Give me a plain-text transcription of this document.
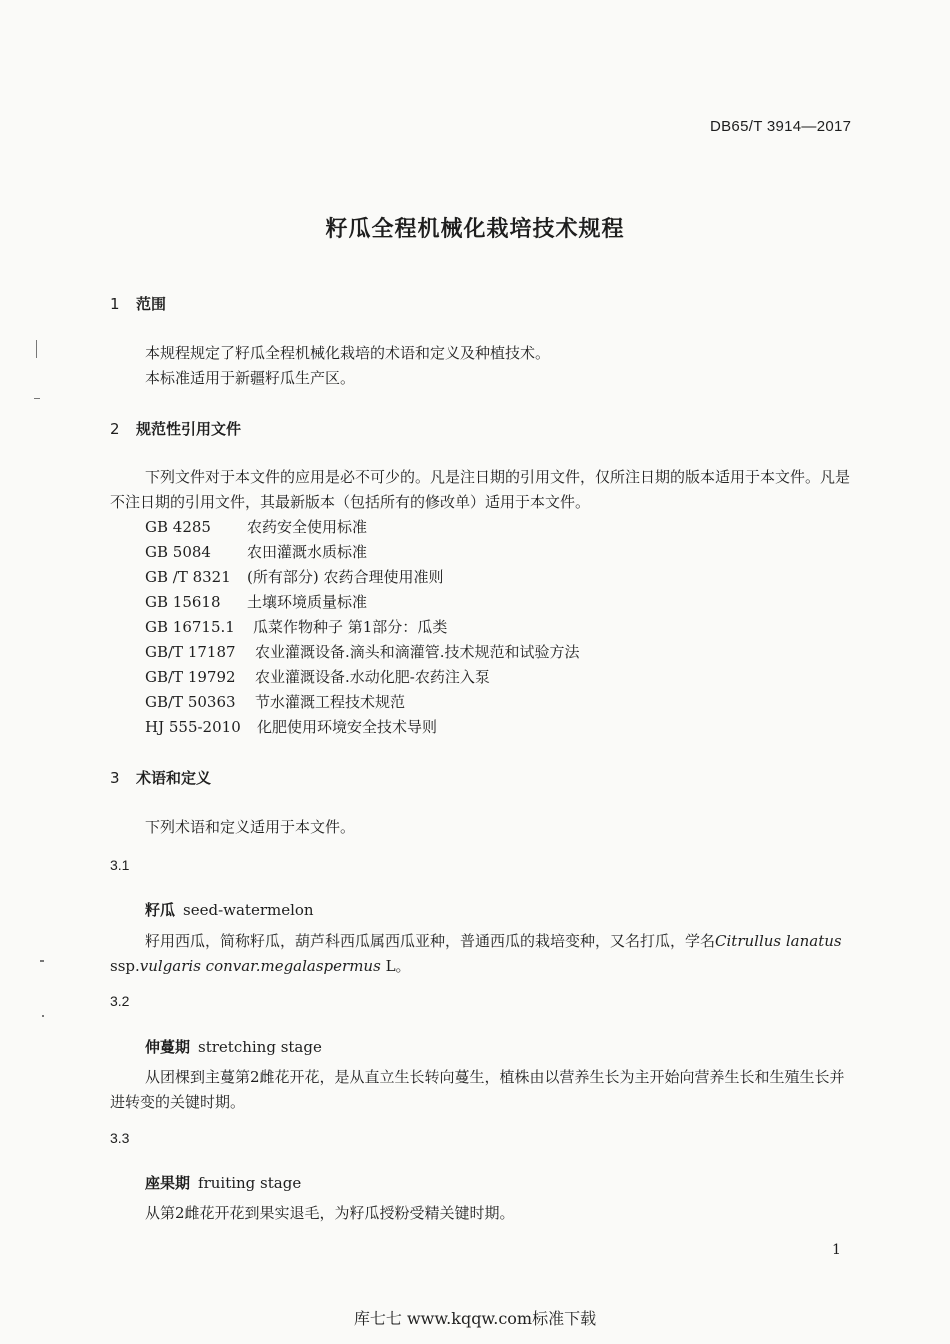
DB65/T 3914—2017
籽瓜全程机械化栽培技术规程
1 范围
本规程规定了籽瓜全程机械化栽培的术语和定义及种植技术。
本标准适用于新疆籽瓜生产区。
2 规范性引用文件
下列文件对于本文件的应用是必不可少的。凡是注日期的引用文件，仅所注日期的版本适用于本文件。凡是不注日期的引用文件，其最新版本（包括所有的修改单）适用于本文件。
GB 4285 农药安全使用标准
GB 5084 农田灌溉水质标准
GB /T 8321 (所有部分) 农药合理使用准则
GB 15618 土壤环境质量标准
GB 16715.1 瓜菜作物种子 第1部分：瓜类
GB/T 17187 农业灌溉设备.滴头和滴灌管.技术规范和试验方法
GB/T 19792 农业灌溉设备.水动化肥-农药注入泵
GB/T 50363 节水灌溉工程技术规范
HJ 555-2010 化肥使用环境安全技术导则
3 术语和定义
下列术语和定义适用于本文件。
3.1
籽瓜 seed-watermelon
籽用西瓜，简称籽瓜，葫芦科西瓜属西瓜亚种，普通西瓜的栽培变种，又名打瓜，学名Citrullus lanatus ssp.vulgaris convar.megalaspermus L。
3.2
伸蔓期 stretching stage
从团棵到主蔓第2雌花开花，是从直立生长转向蔓生，植株由以营养生长为主开始向营养生长和生殖生长并进转变的关键时期。
3.3
座果期 fruiting stage
从第2雌花开花到果实退毛，为籽瓜授粉受精关键时期。
1
库七七 www.kqqw.com标准下载
